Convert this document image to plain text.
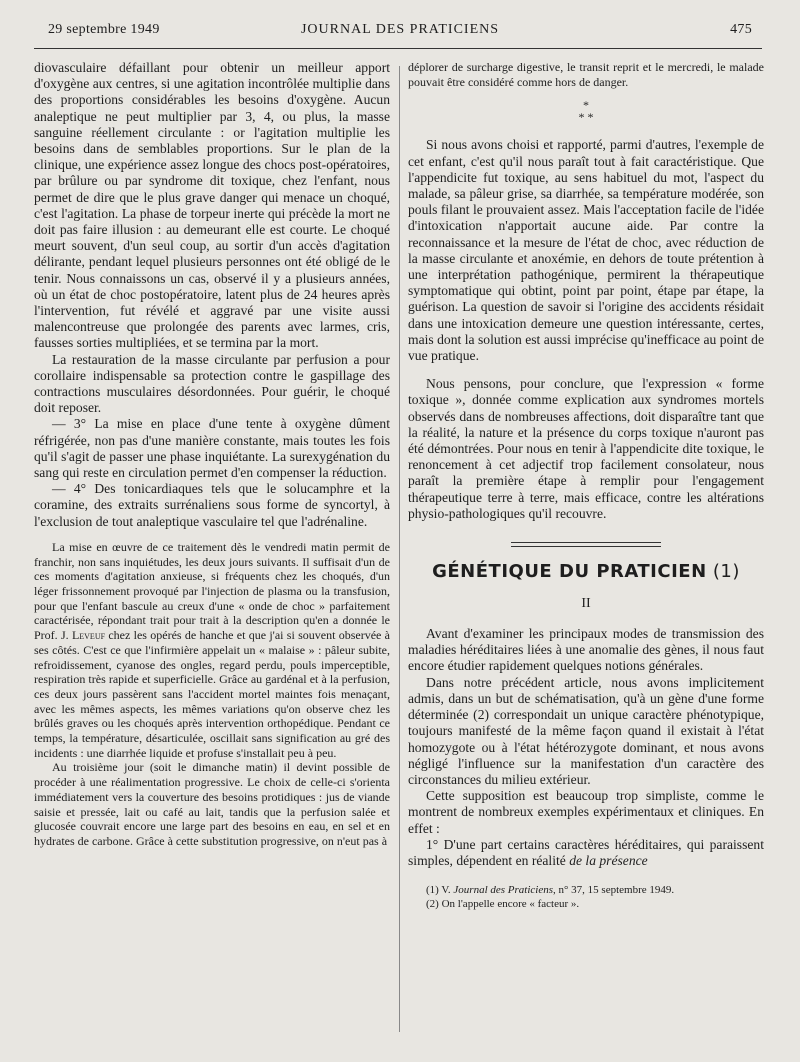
29 septembre 1949	JOURNAL DES PRATICIENS	475

diovasculaire défaillant pour obtenir un meilleur apport d'oxygène aux centres, si une agitation incontrôlée multiplie dans des proportions considérables les besoins d'oxygène. Aucun analeptique ne peut multiplier par 3, 4, ou plus, la masse sanguine réellement circulante : or l'agitation multiplie les besoins dans de semblables proportions. Sur le plan de la clinique, une expérience assez longue des chocs post-opératoires, par brûlure ou par syndrome dit toxique, chez l'enfant, nous permet de dire que le plus grave danger qui menace un choqué, c'est l'agitation. La phase de torpeur inerte qui précède la mort ne doit pas faire illusion : au demeurant elle est courte. Le choqué meurt souvent, d'un seul coup, au sortir d'un accès d'agitation délirante, pendant lequel plusieurs personnes ont été obligé de le tenir. Nous connaissons un cas, observé il y a plusieurs années, où un état de choc postopératoire, latent plus de 24 heures après l'intervention, fut révélé et aggravé par une visite aussi malencontreuse que prolongée des parents avec larmes, cris, fausses sorties multipliées, et se termina par la mort.

La restauration de la masse circulante par perfusion a pour corollaire indispensable sa protection contre le gaspillage des contractions musculaires désordonnées. Pour guérir, le choqué doit reposer.

— 3° La mise en place d'une tente à oxygène dûment réfrigérée, non pas d'une manière constante, mais toutes les fois qu'il s'agit de passer une phase inquiétante. La surexygénation du sang qui reste en circulation permet d'en compenser la réduction.

— 4° Des tonicardiaques tels que le solucamphre et la coramine, des extraits surrénaliens sous forme de syncortyl, à l'exclusion de tout analeptique vasculaire tel que l'adrénaline.

La mise en œuvre de ce traitement dès le vendredi matin permit de franchir, non sans inquiétudes, les deux jours suivants. Il suffisait d'un de ces moments d'agitation anxieuse, si fréquents chez les choqués, d'un léger frissonnement provoqué par l'injection de plasma ou la transfusion, pour que l'enfant bascule au creux d'une « onde de choc » parfaitement caractérisée, répondant trait pour trait à la description qu'en a donnée le Prof. J. Leveuf chez les opérés de hanche et que j'ai si souvent observée à ses côtés. C'est ce que l'infirmière appelait un « malaise » : pâleur subite, refroidissement, cyanose des ongles, regard perdu, pouls imperceptible, respiration très rapide et superficielle. Grâce au gardénal et à la perfusion, ces deux jours passèrent sans l'accident mortel maintes fois menaçant, avec les mêmes aspects, les mêmes variations qu'on observe chez les brûlés graves ou les choqués après intervention orthopédique. Pendant ce temps, la température, désarticulée, oscillait sans signification au gré des incidents : une diarrhée liquide et profuse s'installait peu à peu.

Au troisième jour (soit le dimanche matin) il devint possible de procéder à une réalimentation progressive. Le choix de celle-ci s'orienta immédiatement vers la couverture des besoins protidiques : jus de viande saisie et pressée, lait ou café au lait, tandis que la perfusion salée et glucosée couvrait encore une large part des besoins en eau, en sel et en hydrates de carbone. Grâce à cette substitution progressive, on n'eut pas à

déplorer de surcharge digestive, le transit reprit et le mercredi, le malade pouvait être considéré comme hors de danger.

*
* *

Si nous avons choisi et rapporté, parmi d'autres, l'exemple de cet enfant, c'est qu'il nous paraît tout à fait caractéristique. Que l'appendicite fut toxique, au sens habituel du mot, l'aspect du malade, sa pâleur grise, sa diarrhée, sa température modérée, son pouls filant le prouvaient assez. Mais l'acceptation facile de l'idée d'intoxication n'apportait aucune aide. Par contre la reconnaissance et la mesure de l'état de choc, avec réduction de la masse circulante et anoxémie, en dehors de toute prétention à une interprétation pathogénique, permirent la thérapeutique symptomatique qui obtint, point par point, étape par étape, la guérison. La question de savoir si l'origine des accidents résidait dans une intoxication demeure une question intéressante, certes, mais dont la solution est aussi imprécise qu'inefficace au point de vue pratique.

Nous pensons, pour conclure, que l'expression « forme toxique », donnée comme explication aux syndromes mortels observés dans de nombreuses affections, doit disparaître tant que la réalité, la nature et la présence du corps toxique n'auront pas été démontrées. Pour nous en tenir à l'appendicite dite toxique, le renoncement à cet adjectif trop facilement consolateur, nous paraît la première étape à remplir pour l'engagement thérapeutique terre à terre, mais efficace, contre les altérations physio-pathologiques qu'il recouvre.

GÉNÉTIQUE DU PRATICIEN (1)
II

Avant d'examiner les principaux modes de transmission des maladies héréditaires liées à une anomalie des gènes, il nous faut encore étudier rapidement quelques notions générales.

Dans notre précédent article, nous avons implicitement admis, dans un but de schématisation, qu'à un gène d'une forme déterminée (2) correspondait un unique caractère phénotypique, toujours manifesté de la même façon quand il existait à l'état homozygote ou à l'état hétérozygote dominant, et nous avons négligé l'influence sur la manifestation d'un caractère des circonstances du milieu extérieur.

Cette supposition est beaucoup trop simpliste, comme le montrent de nombreux exemples expérimentaux et cliniques. En effet :

1° D'une part certains caractères héréditaires, qui paraissent simples, dépendent en réalité de la présence

(1) V. Journal des Praticiens, n° 37, 15 septembre 1949.
(2) On l'appelle encore « facteur ».
